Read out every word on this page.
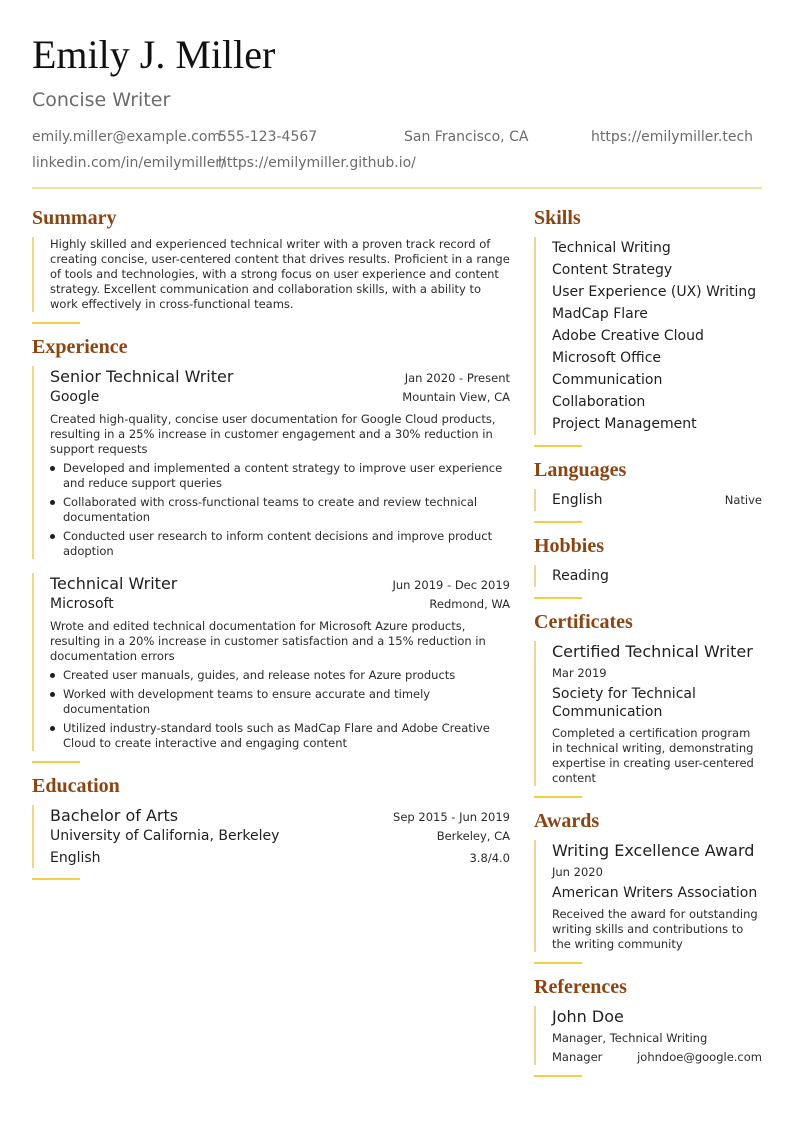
Emily J. Miller
Concise Writer
emily.miller@example.com
555-123-4567	San Francisco, CA	https://emilymiller.tech
linkedin.com/in/emilymiller/
https://emilymiller.github.io/
Summary

Highly skilled and experienced technical writer with a proven track record of creating concise, user-centered content that drives results. Proficient in a range of tools and technologies, with a strong focus on user experience and content strategy. Excellent communication and collaboration skills, with a ability to work effectively in cross-functional teams.

Experience
Senior Technical Writer	Jan 2020 - Present
Google	Mountain View, CA

Created high-quality, concise user documentation for Google Cloud products, resulting in a 25% increase in customer engagement and a 30% reduction in support requests

Developed and implemented a content strategy to improve user experience and reduce support queries
Collaborated with cross-functional teams to create and review technical documentation
Conducted user research to inform content decisions and improve product adoption
Technical Writer	Jun 2019 - Dec 2019
Microsoft	Redmond, WA

Wrote and edited technical documentation for Microsoft Azure products, resulting in a 20% increase in customer satisfaction and a 15% reduction in documentation errors

Created user manuals, guides, and release notes for Azure products
Worked with development teams to ensure accurate and timely documentation
Utilized industry-standard tools such as MadCap Flare and Adobe Creative Cloud to create interactive and engaging content
Education
Bachelor of Arts	Sep 2015 - Jun 2019
University of California, Berkeley	Berkeley, CA
English	3.8/4.0
Skills
Technical Writing
Content Strategy
User Experience (UX) Writing
MadCap Flare
Adobe Creative Cloud
Microsoft Office
Communication
Collaboration
Project Management
Languages
English	Native
Hobbies
Reading
Certificates
Certified Technical Writer
Mar 2019
Society for Technical Communication

Completed a certification program in technical writing, demonstrating expertise in creating user-centered content

Awards
Writing Excellence Award
Jun 2020
American Writers Association

Received the award for outstanding writing skills and contributions to the writing community

References
John Doe
Manager, Technical Writing
Manager	johndoe@google.com
